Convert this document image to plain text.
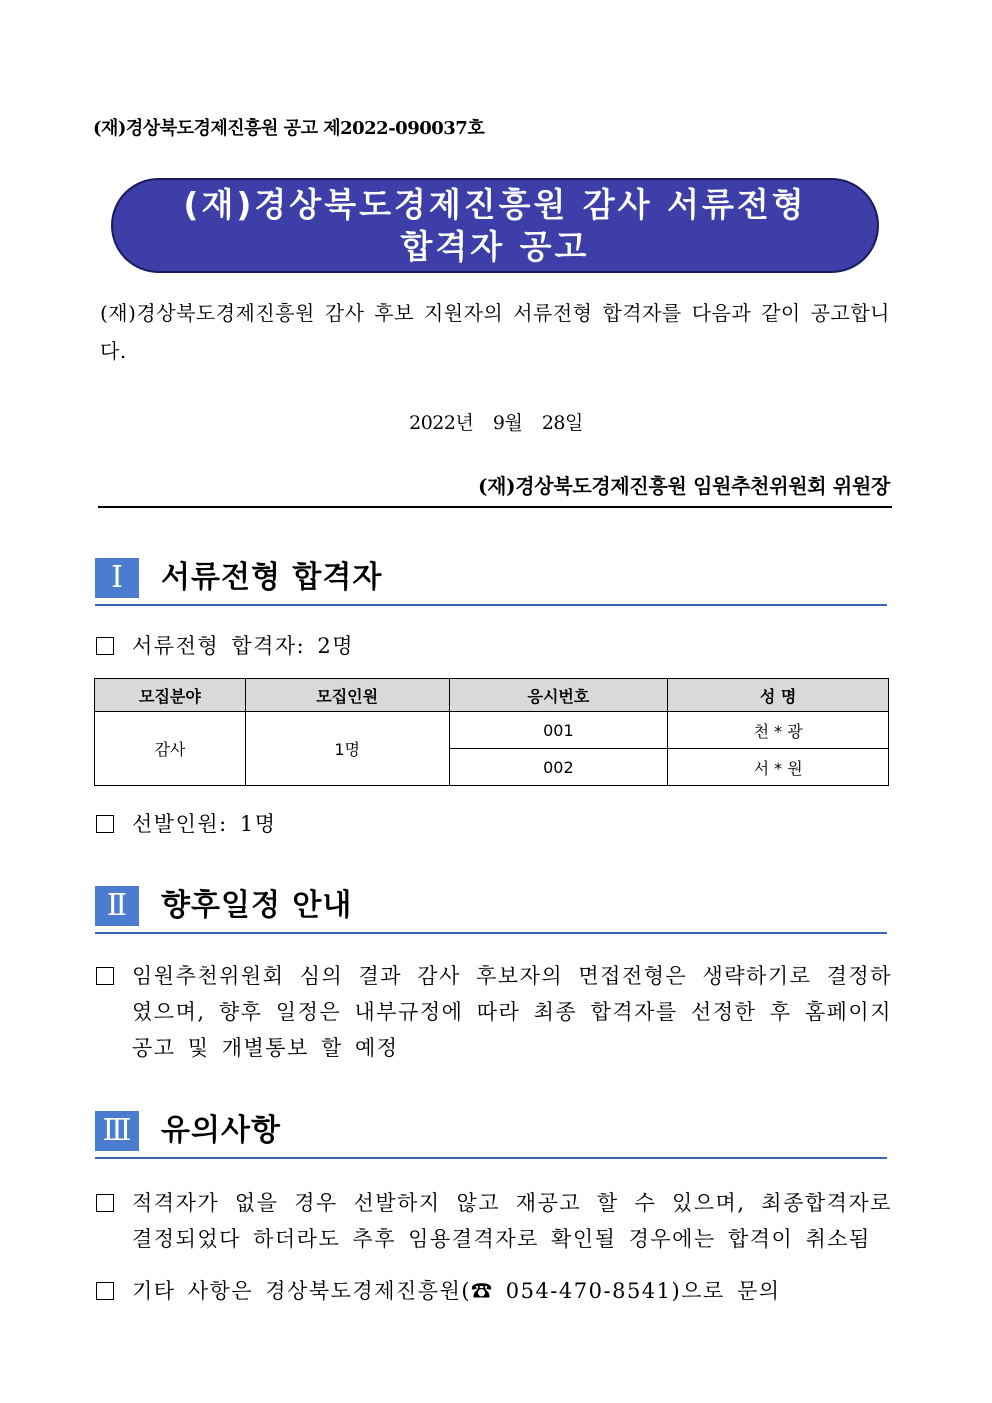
(재)경상북도경제진흥원 공고 제2022-090037호
(재)경상북도경제진흥원 감사 서류전형
합격자 공고
(재)경상북도경제진흥원 감사 후보 지원자의 서류전형 합격자를 다음과 같이 공고합니다.
2022년 9월 28일
(재)경상북도경제진흥원 임원추천위원회 위원장
Ⅰ	서류전형 합격자
서류전형 합격자: 2명
모집분야	모집인원	응시번호	성 명
감사	1명	001	천 * 광
		002	서 * 원
선발인원: 1명
Ⅱ	향후일정 안내
임원추천위원회 심의 결과 감사 후보자의 면접전형은 생략하기로 결정하였으며, 향후 일정은 내부규정에 따라 최종 합격자를 선정한 후 홈페이지 공고 및 개별통보 할 예정
Ⅲ 유의사항
적격자가 없을 경우 선발하지 않고 재공고 할 수 있으며, 최종합격자로 결정되었다 하더라도 추후 임용결격자로 확인될 경우에는 합격이 취소됨
기타 사항은 경상북도경제진흥원(☎ 054-470-8541)으로 문의
